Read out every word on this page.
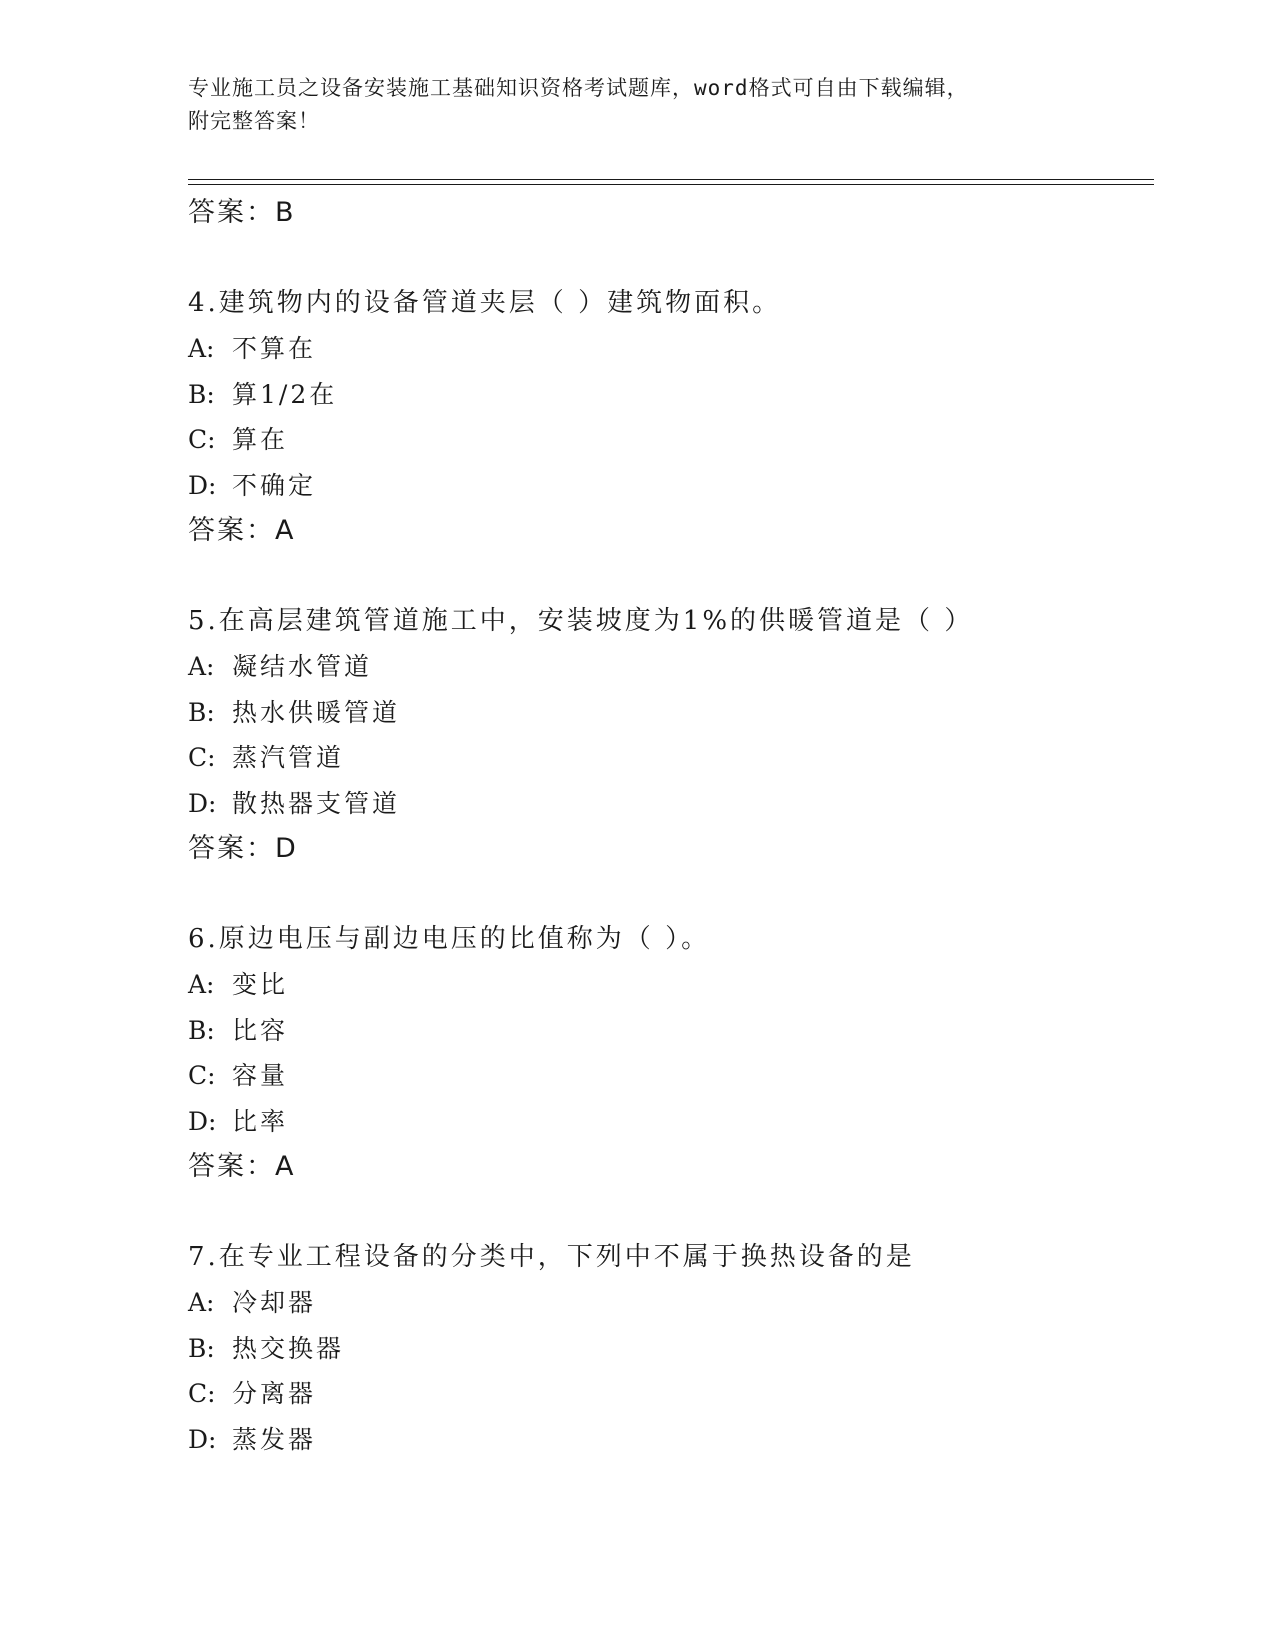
专业施工员之设备安装施工基础知识资格考试题库，word格式可自由下载编辑，
附完整答案！
答案：B
4.建筑物内的设备管道夹层（ ）建筑物面积。
A: 不算在
B: 算1/2在
C: 算在
D: 不确定
答案：A
5.在高层建筑管道施工中，安装坡度为1%的供暖管道是（ ）
A: 凝结水管道
B: 热水供暖管道
C: 蒸汽管道
D: 散热器支管道
答案：D
6.原边电压与副边电压的比值称为（ ）。
A: 变比
B: 比容
C: 容量
D: 比率
答案：A
7.在专业工程设备的分类中，下列中不属于换热设备的是
A: 冷却器
B: 热交换器
C: 分离器
D: 蒸发器
